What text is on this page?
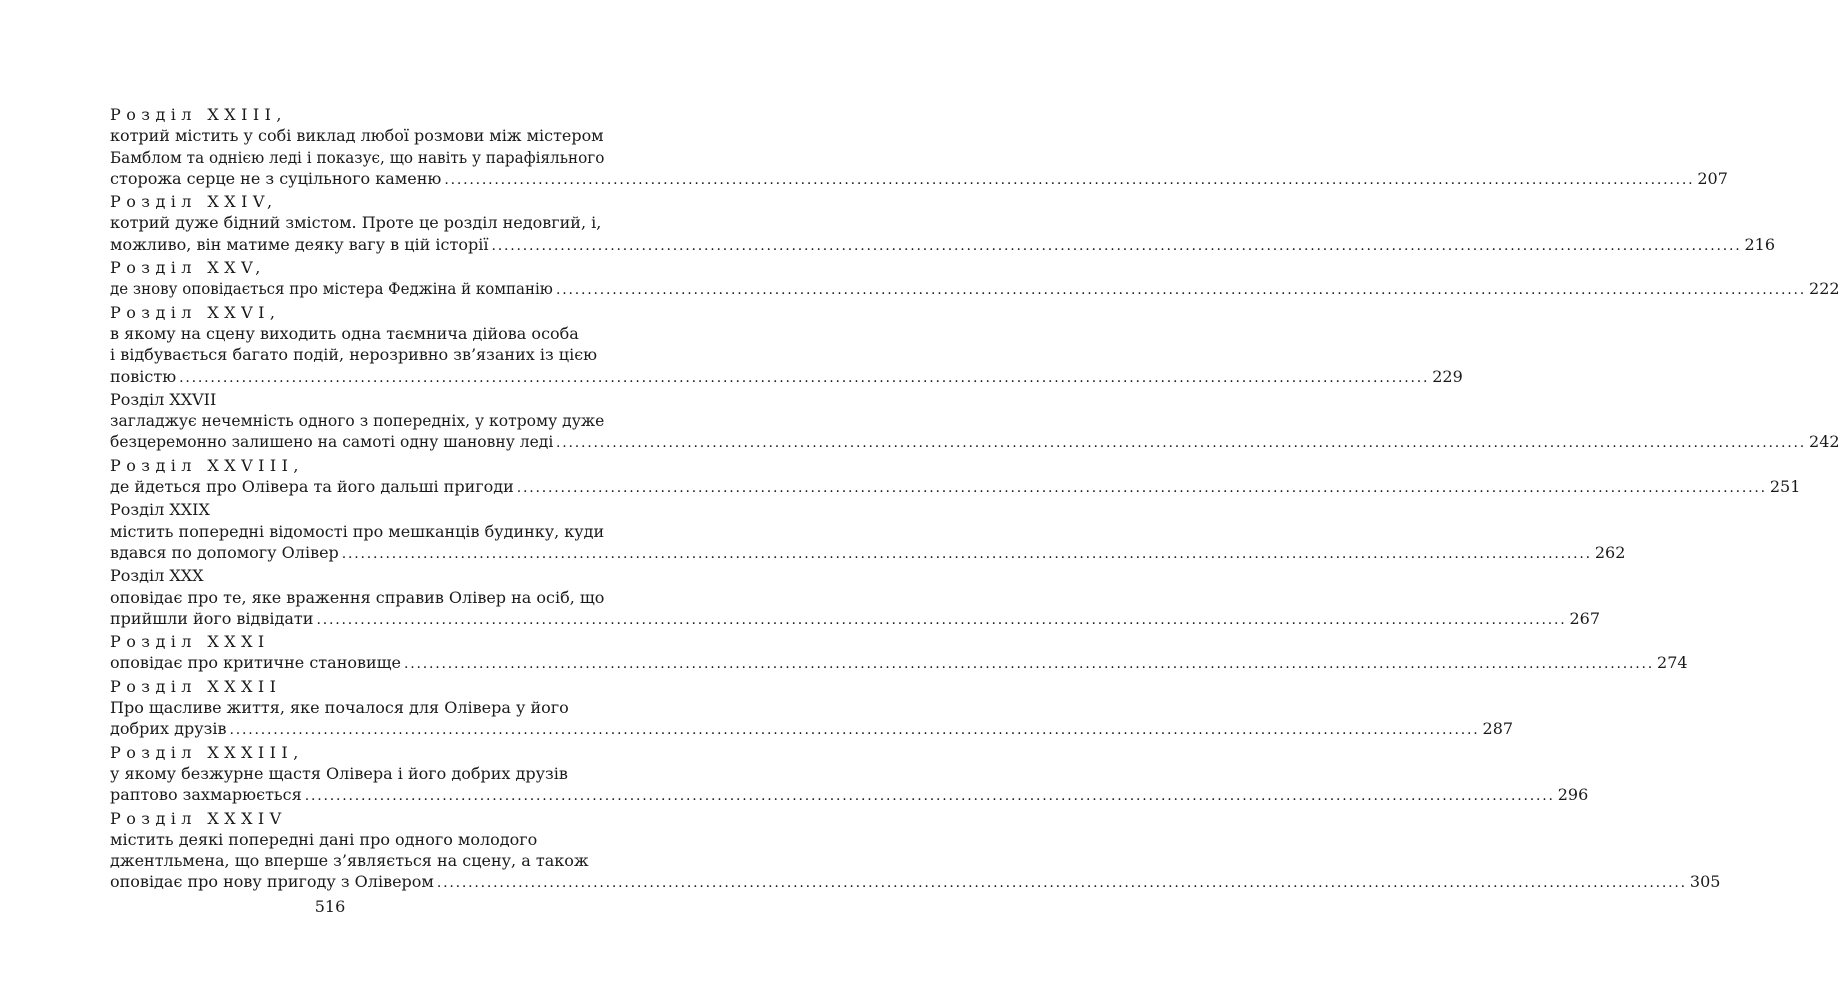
Розділ XXIII,
котрий містить у собі виклад любої розмови між містером
Бамблом та однією леді і показує, що навіть у парафіяльного
сторожа серце не з суцільного каменю ........................................................................................................................................................................................................ 207
Розділ XXIV,
котрий дуже бідний змістом. Проте це розділ недовгий, і,
можливо, він матиме деяку вагу в цій історії ........................................................................................................................................................................................................ 216
Розділ XXV,
де знову оповідається про містера Феджіна й компанію ........................................................................................................................................................................................................ 222
Розділ XXVI,
в якому на сцену виходить одна таємнича дійова особа
і відбувається багато подій, нерозривно зв’язаних із цією
повістю ........................................................................................................................................................................................................ 229
Розділ XXVII
загладжує нечемність одного з попередніх, у котрому дуже
безцеремонно залишено на самоті одну шановну леді ........................................................................................................................................................................................................ 242
Розділ XXVIII,
де йдеться про Олівера та його дальші пригоди ........................................................................................................................................................................................................ 251
Розділ XXIX
містить попередні відомості про мешканців будинку, куди
вдався по допомогу Олівер ........................................................................................................................................................................................................ 262
Розділ XXX
оповідає про те, яке враження справив Олівер на осіб, що
прийшли його відвідати ........................................................................................................................................................................................................ 267
Розділ XXXI
оповідає про критичне становище ........................................................................................................................................................................................................ 274
Розділ XXXII
Про щасливе життя, яке почалося для Олівера у його
добрих друзів ........................................................................................................................................................................................................ 287
Розділ XXXIII,
у якому безжурне щастя Олівера і його добрих друзів
раптово захмарюється ........................................................................................................................................................................................................ 296
Розділ XXXIV
містить деякі попередні дані про одного молодого
джентльмена, що вперше з’являється на сцену, а також
оповідає про нову пригоду з Олівером ........................................................................................................................................................................................................ 305
516
